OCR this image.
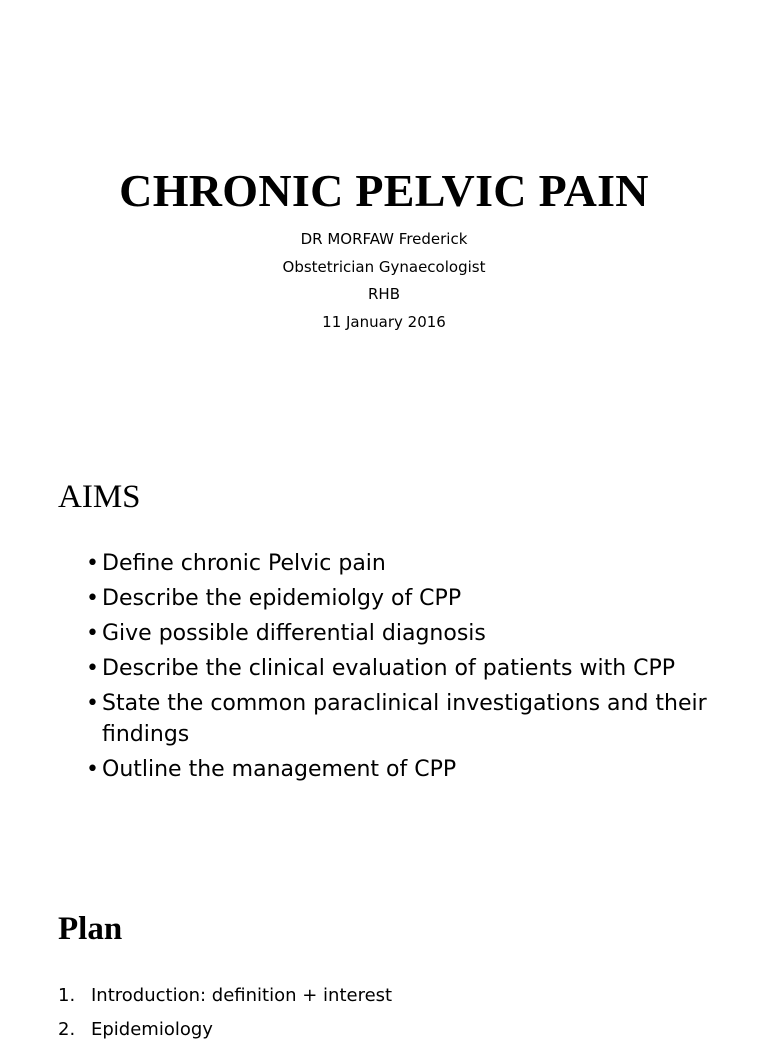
CHRONIC PELVIC PAIN
DR MORFAW Frederick
Obstetrician Gynaecologist
RHB
11 January 2016
AIMS
• Define chronic Pelvic pain
• Describe the epidemiolgy of CPP
• Give possible differential diagnosis
• Describe the clinical evaluation of patients with CPP
• State the common paraclinical investigations and their findings
• Outline the management of CPP
Plan
1. Introduction: definition + interest
2. Epidemiology
